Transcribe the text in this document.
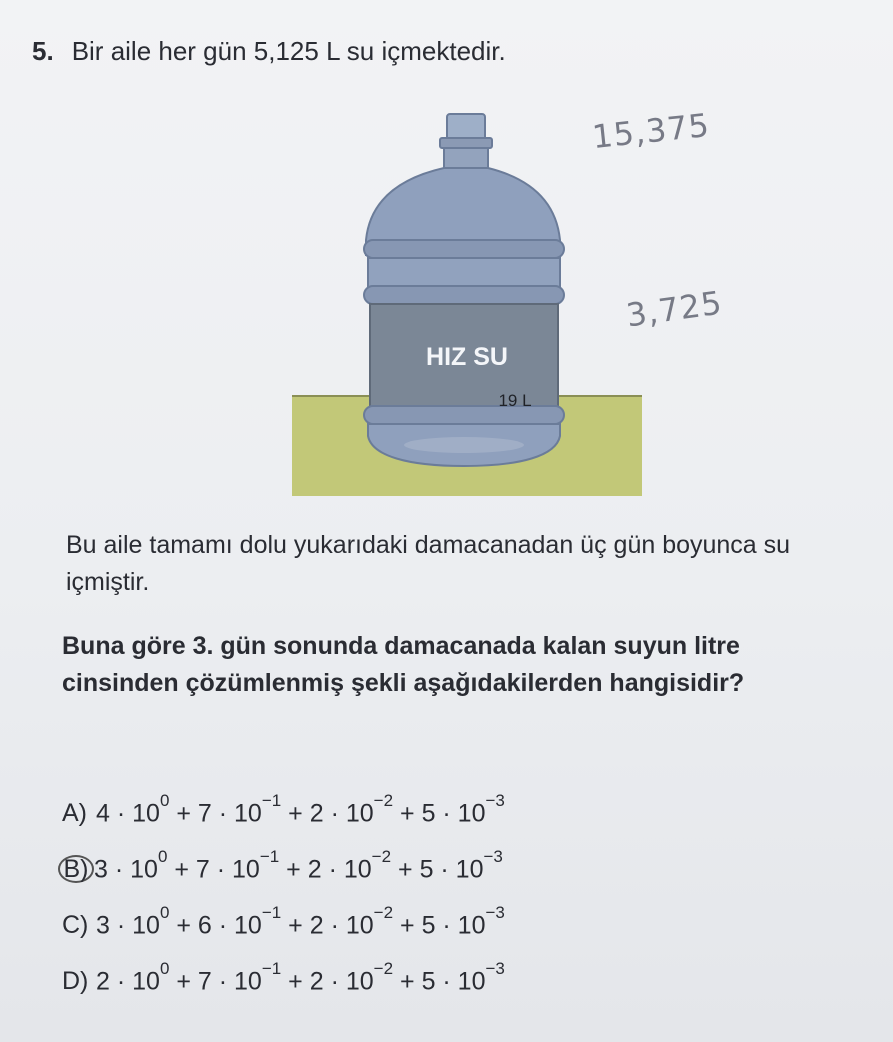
5. Bir aile her gün 5,125 L su içmektedir.
HIZ SU
19 L
15,375
3,725
Bu aile tamamı dolu yukarıdaki damacanadan üç gün boyunca su içmiştir.
Buna göre 3. gün sonunda damacanada kalan suyun litre cinsinden çözümlenmiş şekli aşağıdakilerden hangisidir?
A) $4 \cdot 10^0 + 7 \cdot 10^{-1} + 2 \cdot 10^{-2} + 5 \cdot 10^{-3}$
B) $3 \cdot 10^0 + 7 \cdot 10^{-1} + 2 \cdot 10^{-2} + 5 \cdot 10^{-3}$
C) $3 \cdot 10^0 + 6 \cdot 10^{-1} + 2 \cdot 10^{-2} + 5 \cdot 10^{-3}$
D) $2 \cdot 10^0 + 7 \cdot 10^{-1} + 2 \cdot 10^{-2} + 5 \cdot 10^{-3}$
